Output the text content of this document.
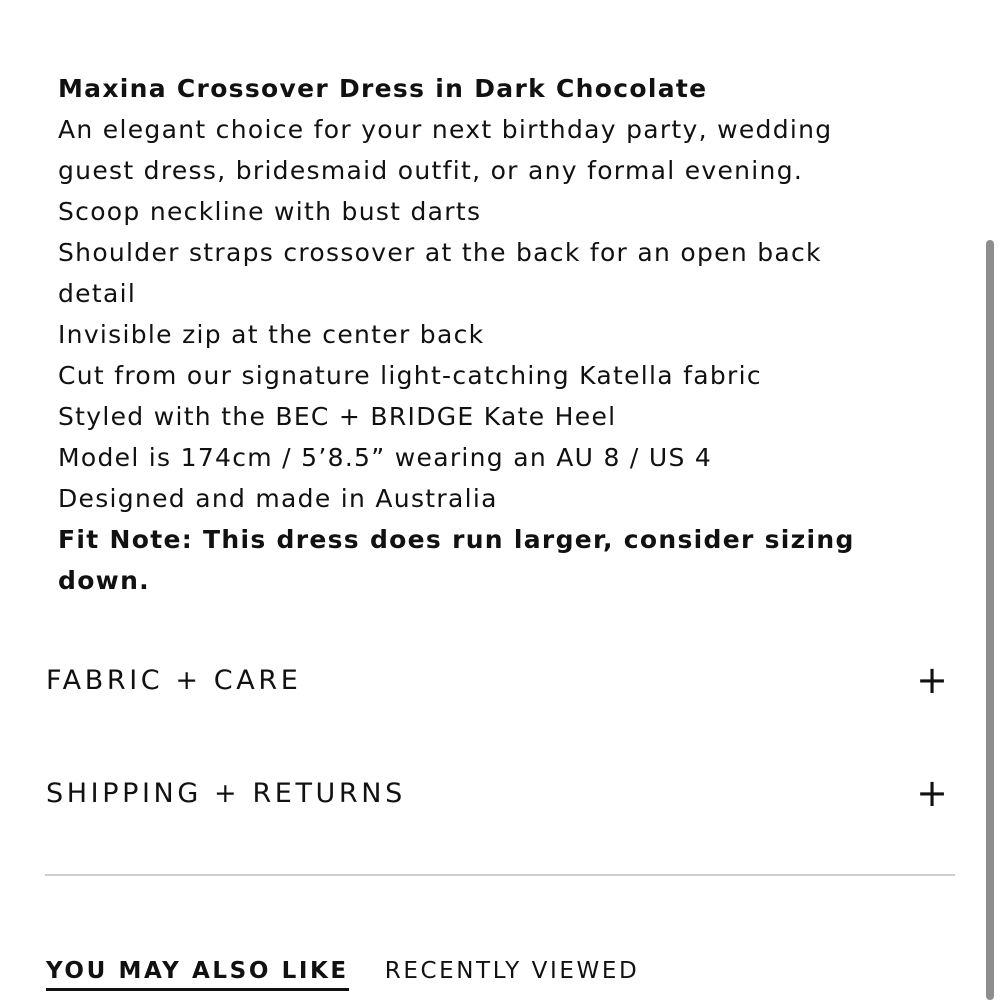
Maxina Crossover Dress in Dark Chocolate
An elegant choice for your next birthday party, wedding
guest dress, bridesmaid outfit, or any formal evening.
Scoop neckline with bust darts
Shoulder straps crossover at the back for an open back
detail
Invisible zip at the center back
Cut from our signature light-catching Katella fabric
Styled with the BEC + BRIDGE Kate Heel
Model is 174cm / 5’8.5” wearing an AU 8 / US 4
Designed and made in Australia
Fit Note: This dress does run larger, consider sizing
down.
FABRIC + CARE	+
SHIPPING + RETURNS	+
YOU MAY ALSO LIKE RECENTLY VIEWED
